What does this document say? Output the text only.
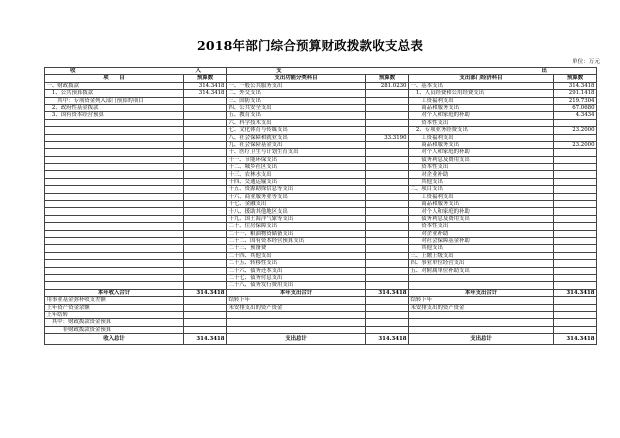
2018年部门综合预算财政拨款收支总表
单位：万元
收 入		支 出			
项　　目	预算数	支出功能分类科目	预算数	支出部门经济科目	预算数
一、财政拨款	314.3418	一、一般公共服务支出	281.0230	一、基本支出	314.3418
　1、公共预算拨款	314.3418	二、外交支出		　1、人员经费和公用经费支出	291.1418
　　其中：专项资金列入部门预算的项目		三、国防支出		　　工资福利支出	219.7304
　2、政府性基金拨款		四、公共安全支出		　　商品和服务支出	67.0680
　3、国有资本经营预算		五、教育支出		　　对个人和家庭的补助	4.3434
		六、科学技术支出		　　资本性支出	
		七、文化体育与传媒支出		　2、专项业务经费支出	23.2000
		八、社会保障和就业支出	33.3190	　　工资福利支出	
		九、社会保险基金支出		　　商品和服务支出	23.2000
		十、医疗卫生与计划生育支出		　　对个人和家庭的补助	
		十一、节能环保支出		　　债务利息及费用支出	
		十二、城乡社区支出		　　资本性支出	
		十三、农林水支出		　　对企业补助	
		十四、交通运输支出		　　其他支出	
		十五、资源勘探信息等支出		二、项目支出	
		十六、商业服务业等支出		　　工资福利支出	
		十七、金融支出		　　商品和服务支出	
		十八、援助其他地区支出		　　对个人和家庭的补助	
		十九、国土海洋气象等支出		　　债务利息及费用支出	
		二十、住房保障支出		　　资本性支出	
		二十一、粮油物资储备支出		　　对企业补助	
		二十二、国有资本经营预算支出		　　对社会保障基金补助	
		二十三、预备费		　　其他支出	
		二十四、其他支出		三、上缴上级支出	
		二十五、转移性支出		四、事业单位经营支出	
		二十六、债务还本支出		五、对附属单位补助支出	
		二十七、债务付息支出			
		二十八、债务发行费用支出			
本年收入合计	314.3418	本年支出合计	314.3418	本年支出合计	314.3418
用事业基金弥补收支差额		结转下年		结转下年	
上年资产资金余额		未安排支出的资产资金		未安排支出的资产资金	
上年结转					
　其中：财政拨款资金预算					
　　　非财政拨款资金预算					
收入总计	314.3418	支出总计	314.3418	支出总计	314.3418
